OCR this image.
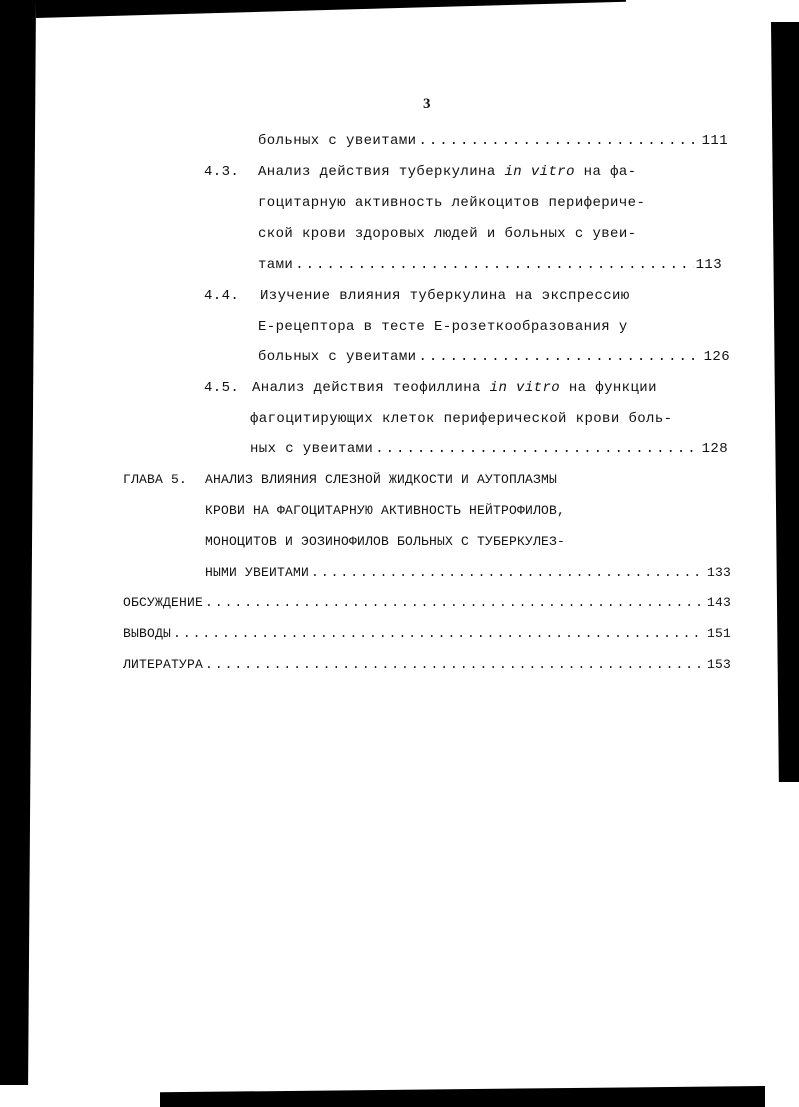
3
больных с увеитами .....	111
4.3.	Анализ действия туберкулина in vitro на фа-
гоцитарную активность лейкоцитов перифериче-
ской крови здоровых людей и больных с увеи-
тами .....	113
4.4.	Изучение влияния туберкулина на экспрессию
Е-рецептора в тесте Е-розеткообразования у
больных с увеитами .....	126
4.5. Анализ действия теофиллина in vitro на функции
фагоцитирующих клеток периферической крови боль-
ных с увеитами .....	128
ГЛАВА 5.	АНАЛИЗ ВЛИЯНИЯ СЛЕЗНОЙ ЖИДКОСТИ И АУТОПЛАЗМЫ
КРОВИ НА ФАГОЦИТАРНУЮ АКТИВНОСТЬ НЕЙТРОФИЛОВ,
МОНОЦИТОВ И ЭОЗИНОФИЛОВ БОЛЬНЫХ С ТУБЕРКУЛЕЗ-
НЫМИ УВЕИТАМИ .....	133
ОБСУЖДЕНИЕ .....	143
ВЫВОДЫ .....	151
ЛИТЕРАТУРА .....	153
